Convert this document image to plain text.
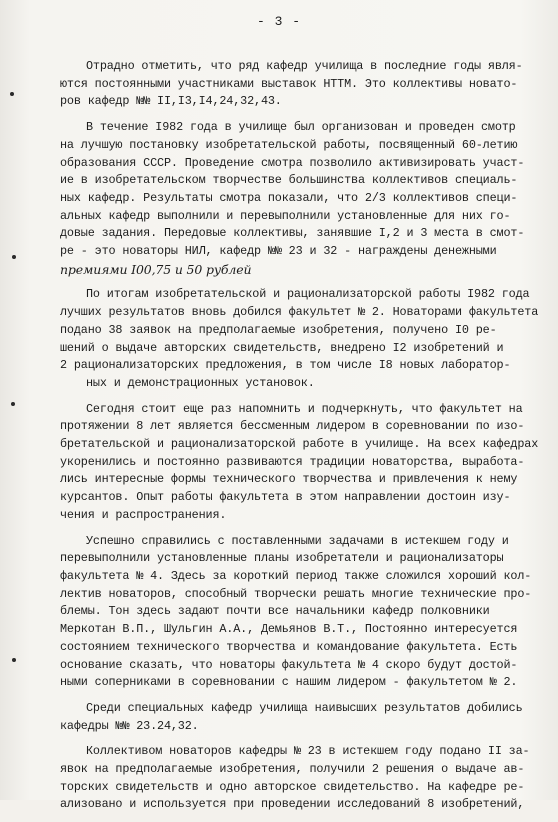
- 3 -
Отрадно отметить, что ряд кафедр училища в последние годы явля-
ются постоянными участниками выставок НТТМ. Это коллективы новато-
ров кафедр №№ II,I3,I4,24,32,43.
В течение I982 года в училище был организован и проведен смотр
на лучшую постановку изобретательской работы, посвященный 60-летию
образования СССР. Проведение смотра позволило активизировать участ-
ие в изобретательском творчестве большинства коллективов специаль-
ных кафедр. Результаты смотра показали, что 2/3 коллективов специ-
альных кафедр выполнили и перевыполнили установленные для них го-
довые задания. Передовые коллективы, занявшие I,2 и 3 места в смот-
ре - это новаторы НИЛ, кафедр №№ 23 и 32 - награждены денежными
премиями I00,75 и 50 рублей
По итогам изобретательской и рационализаторской работы I982 года
лучших результатов вновь добился факультет № 2. Новаторами факультета
подано 38 заявок на предполагаемые изобретения, получено I0 ре-
шений о выдаче авторских свидетельств, внедрено I2 изобретений и
2 рационализаторских предложения, в том числе I8 новых лаборатор-
ных и демонстрационных установок.
Сегодня стоит еще раз напомнить и подчеркнуть, что факультет на
протяжении 8 лет является бессменным лидером в соревновании по изо-
бретательской и рационализаторской работе в училище. На всех кафедрах
укоренились и постоянно развиваются традиции новаторства, выработа-
лись интересные формы технического творчества и привлечения к нему
курсантов. Опыт работы факультета в этом направлении достоин изу-
чения и распространения.
Успешно справились с поставленными задачами в истекшем году и
перевыполнили установленные планы изобретатели и рационализаторы
факультета № 4. Здесь за короткий период также сложился хороший кол-
лектив новаторов, способный творчески решать многие технические про-
блемы. Тон здесь задают почти все начальники кафедр полковники
Меркотан В.П., Шульгин А.А., Демьянов В.Т., Постоянно интересуется
состоянием технического творчества и командование факультета. Есть
основание сказать, что новаторы факультета № 4 скоро будут достой-
ными соперниками в соревновании с нашим лидером - факультетом № 2.
Среди специальных кафедр училища наивысших результатов добились
кафедры №№ 23.24,32.
Коллективом новаторов кафедры № 23 в истекшем году подано II за-
явок на предполагаемые изобретения, получили 2 решения о выдаче ав-
торских свидетельств и одно авторское свидетельство. На кафедре ре-
ализовано и используется при проведении исследований 8 изобретений,
